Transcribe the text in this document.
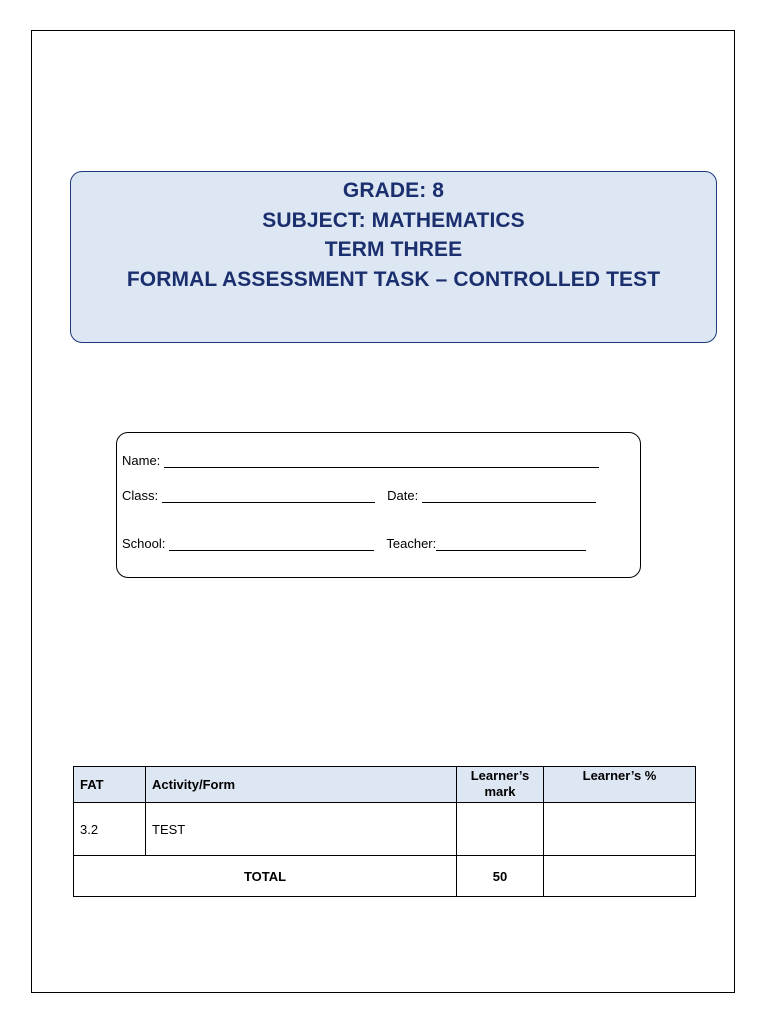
GRADE: 8
SUBJECT: MATHEMATICS
TERM THREE
FORMAL ASSESSMENT TASK – CONTROLLED TEST
Name:
Class:	Date:
School:	Teacher:
FAT	Activity/Form	Learner’s mark	Learner’s %
3.2	TEST		
TOTAL		50	
